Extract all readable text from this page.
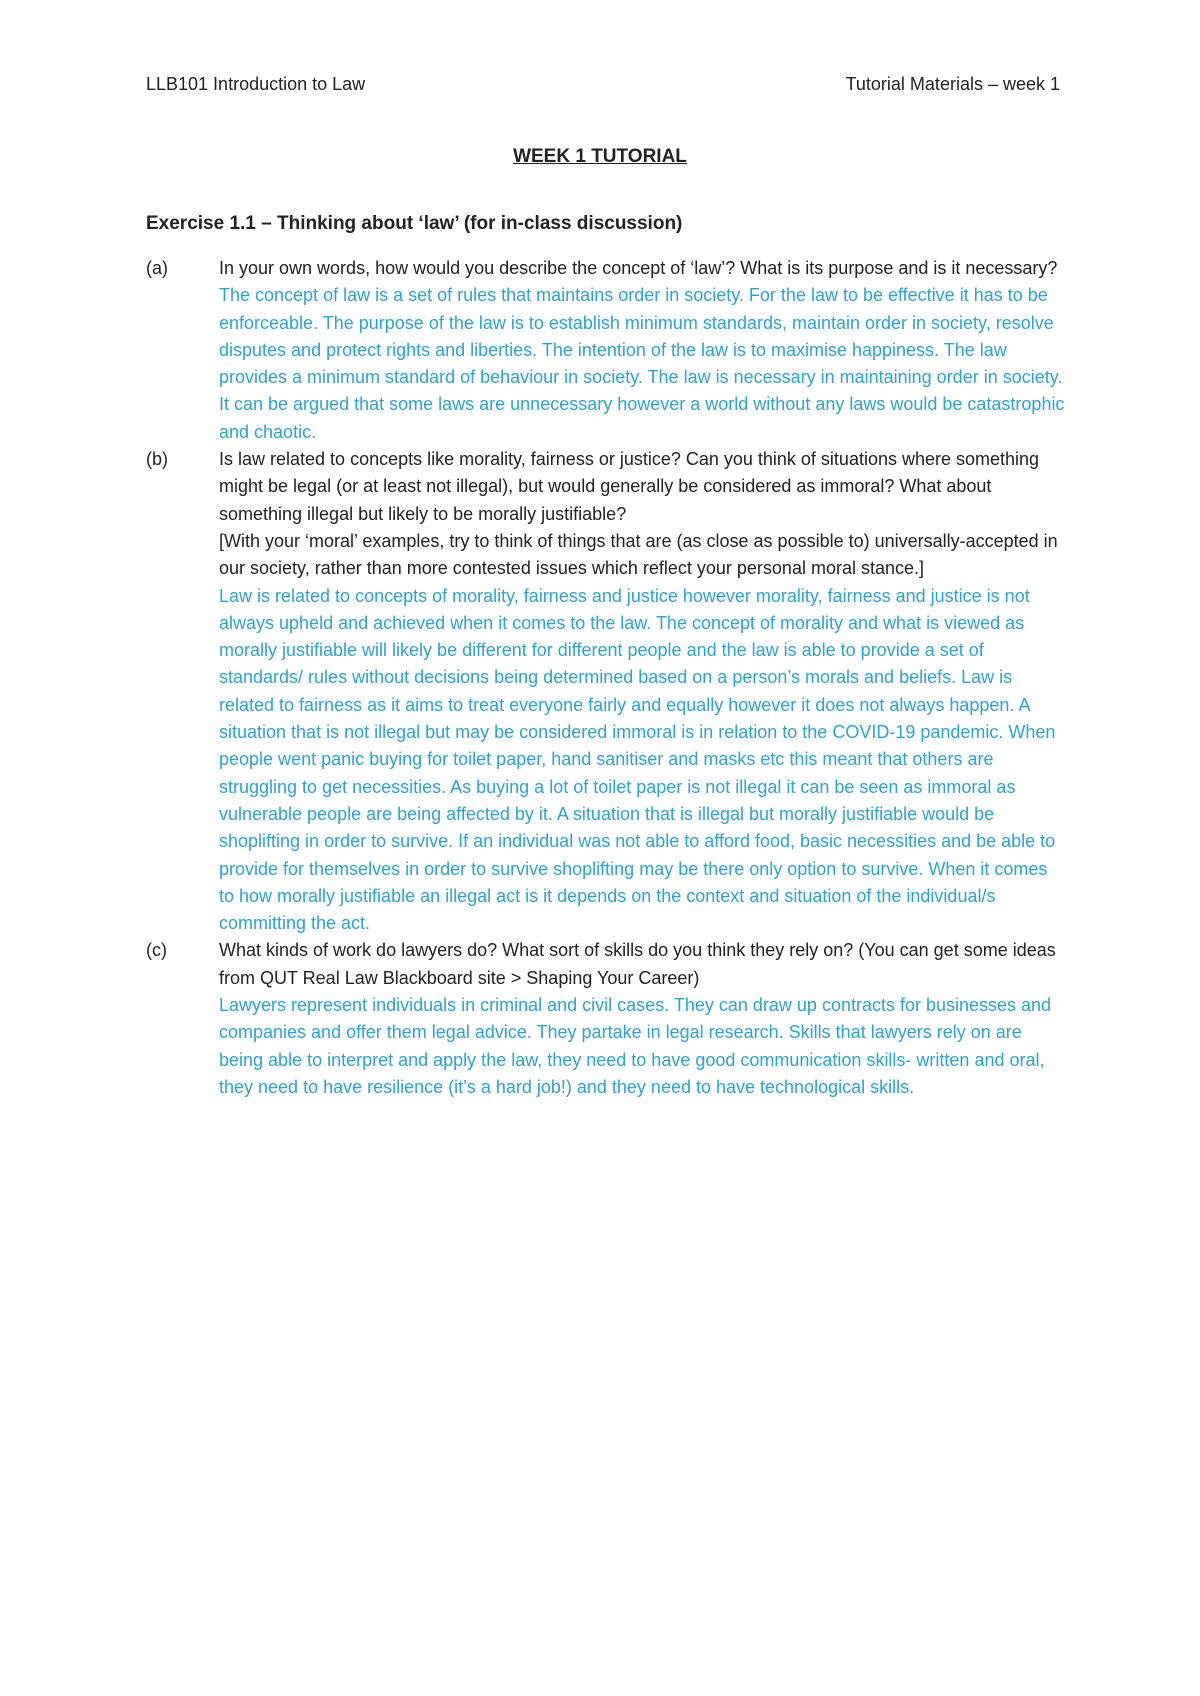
LLB101 Introduction to Law	Tutorial Materials – week 1
WEEK 1 TUTORIAL
Exercise 1.1 – Thinking about ‘law’ (for in-class discussion)
(a)	In your own words, how would you describe the concept of ‘law’? What is its purpose and is it necessary?

The concept of law is a set of rules that maintains order in society. For the law to be effective it has to be enforceable. The purpose of the law is to establish minimum standards, maintain order in society, resolve disputes and protect rights and liberties. The intention of the law is to maximise happiness. The law provides a minimum standard of behaviour in society. The law is necessary in maintaining order in society. It can be argued that some laws are unnecessary however a world without any laws would be catastrophic and chaotic.

(b)	Is law related to concepts like morality, fairness or justice? Can you think of situations where something might be legal (or at least not illegal), but would generally be considered as immoral? What about something illegal but likely to be morally justifiable?

[With your ‘moral’ examples, try to think of things that are (as close as possible to) universally-accepted in our society, rather than more contested issues which reflect your personal moral stance.]

Law is related to concepts of morality, fairness and justice however morality, fairness and justice is not always upheld and achieved when it comes to the law. The concept of morality and what is viewed as morally justifiable will likely be different for different people and the law is able to provide a set of standards/ rules without decisions being determined based on a person’s morals and beliefs. Law is related to fairness as it aims to treat everyone fairly and equally however it does not always happen. A situation that is not illegal but may be considered immoral is in relation to the COVID-19 pandemic. When people went panic buying for toilet paper, hand sanitiser and masks etc this meant that others are struggling to get necessities. As buying a lot of toilet paper is not illegal it can be seen as immoral as vulnerable people are being affected by it. A situation that is illegal but morally justifiable would be shoplifting in order to survive. If an individual was not able to afford food, basic necessities and be able to provide for themselves in order to survive shoplifting may be there only option to survive. When it comes to how morally justifiable an illegal act is it depends on the context and situation of the individual/s committing the act.

(c)	What kinds of work do lawyers do? What sort of skills do you think they rely on? (You can get some ideas from QUT Real Law Blackboard site > Shaping Your Career)

Lawyers represent individuals in criminal and civil cases. They can draw up contracts for businesses and companies and offer them legal advice. They partake in legal research. Skills that lawyers rely on are being able to interpret and apply the law, they need to have good communication skills- written and oral, they need to have resilience (it’s a hard job!) and they need to have technological skills.
